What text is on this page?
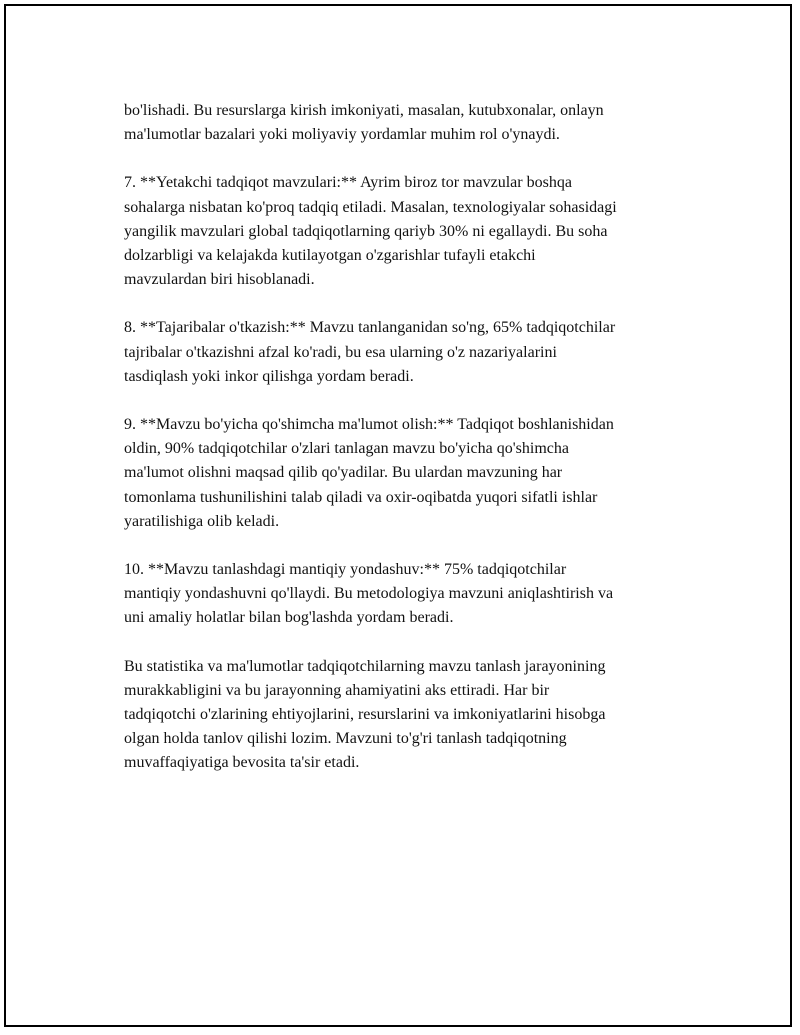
bo'lishadi. Bu resurslarga kirish imkoniyati, masalan, kutubxonalar, onlayn
ma'lumotlar bazalari yoki moliyaviy yordamlar muhim rol o'ynaydi.

7. **Yetakchi tadqiqot mavzulari:** Ayrim biroz tor mavzular boshqa
sohalarga nisbatan ko'proq tadqiq etiladi. Masalan, texnologiyalar sohasidagi
yangilik mavzulari global tadqiqotlarning qariyb 30% ni egallaydi. Bu soha
dolzarbligi va kelajakda kutilayotgan o'zgarishlar tufayli etakchi
mavzulardan biri hisoblanadi.

8. **Tajaribalar o'tkazish:** Mavzu tanlanganidan so'ng, 65% tadqiqotchilar
tajribalar o'tkazishni afzal ko'radi, bu esa ularning o'z nazariyalarini
tasdiqlash yoki inkor qilishga yordam beradi.

9. **Mavzu bo'yicha qo'shimcha ma'lumot olish:** Tadqiqot boshlanishidan
oldin, 90% tadqiqotchilar o'zlari tanlagan mavzu bo'yicha qo'shimcha
ma'lumot olishni maqsad qilib qo'yadilar. Bu ulardan mavzuning har
tomonlama tushunilishini talab qiladi va oxir-oqibatda yuqori sifatli ishlar
yaratilishiga olib keladi.

10. **Mavzu tanlashdagi mantiqiy yondashuv:** 75% tadqiqotchilar
mantiqiy yondashuvni qo'llaydi. Bu metodologiya mavzuni aniqlashtirish va
uni amaliy holatlar bilan bog'lashda yordam beradi.

Bu statistika va ma'lumotlar tadqiqotchilarning mavzu tanlash jarayonining
murakkabligini va bu jarayonning ahamiyatini aks ettiradi. Har bir
tadqiqotchi o'zlarining ehtiyojlarini, resurslarini va imkoniyatlarini hisobga
olgan holda tanlov qilishi lozim. Mavzuni to'g'ri tanlash tadqiqotning
muvaffaqiyatiga bevosita ta'sir etadi.
